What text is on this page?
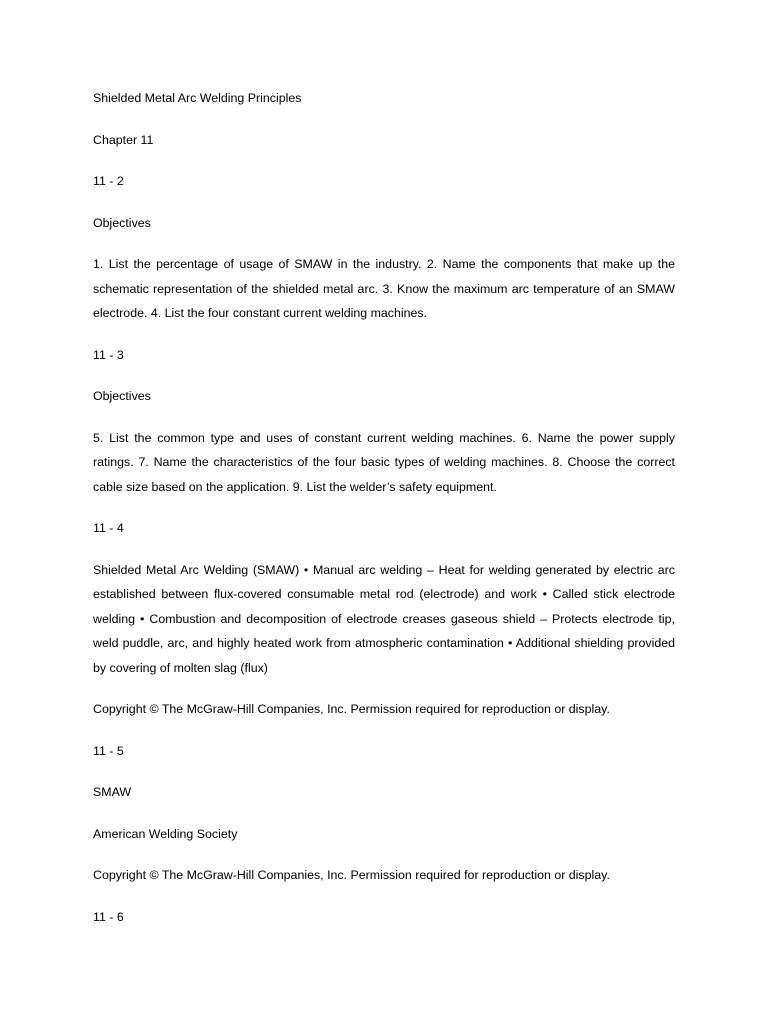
Shielded Metal Arc Welding Principles

Chapter 11

11 - 2

Objectives

1. List the percentage of usage of SMAW in the industry. 2. Name the components that make up the schematic representation of the shielded metal arc. 3. Know the maximum arc temperature of an SMAW electrode. 4. List the four constant current welding machines.

11 - 3

Objectives

5. List the common type and uses of constant current welding machines. 6. Name the power supply ratings. 7. Name the characteristics of the four basic types of welding machines. 8. Choose the correct cable size based on the application. 9. List the welder’s safety equipment.

11 - 4

Shielded Metal Arc Welding (SMAW) • Manual arc welding – Heat for welding generated by electric arc established between flux-covered consumable metal rod (electrode) and work • Called stick electrode welding • Combustion and decomposition of electrode creases gaseous shield – Protects electrode tip, weld puddle, arc, and highly heated work from atmospheric contamination • Additional shielding provided by covering of molten slag (flux)

Copyright © The McGraw-Hill Companies, Inc. Permission required for reproduction or display.

11 - 5

SMAW

American Welding Society

Copyright © The McGraw-Hill Companies, Inc. Permission required for reproduction or display.

11 - 6
